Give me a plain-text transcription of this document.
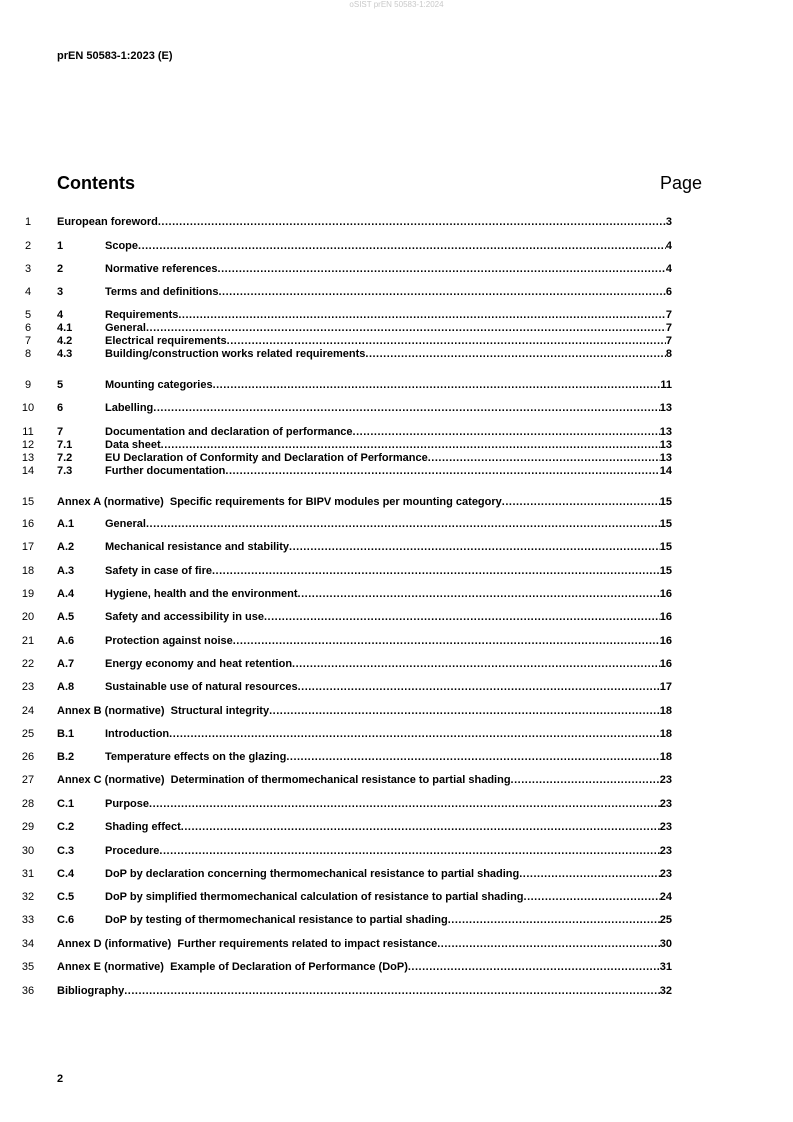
oSIST prEN 50583-1:2024
prEN 50583-1:2023 (E)
Contents	Page
1	European foreword .....	3
2	1	Scope .....	4
3	2	Normative references .....	4
4	3	Terms and definitions .....	6
5	4	Requirements .....	7
6	4.1	General .....	7
7	4.2	Electrical requirements .....	7
8	4.3	Building/construction works related requirements .....	8
9	5	Mounting categories .....	11
10	6	Labelling .....	13
11	7	Documentation and declaration of performance .....	13
12	7.1	Data sheet .....	13
13	7.2	EU Declaration of Conformity and Declaration of Performance .....	13
14	7.3	Further documentation .....	14
15	Annex A (normative)  Specific requirements for BIPV modules per mounting category .....	15
16	A.1	General .....	15
17	A.2	Mechanical resistance and stability .....	15
18	A.3	Safety in case of fire .....	15
19	A.4	Hygiene, health and the environment .....	16
20	A.5	Safety and accessibility in use .....	16
21	A.6	Protection against noise .....	16
22	A.7	Energy economy and heat retention .....	16
23	A.8	Sustainable use of natural resources .....	17
24	Annex B (normative)  Structural integrity .....	18
25	B.1	Introduction .....	18
26	B.2	Temperature effects on the glazing .....	18
27	Annex C (normative)  Determination of thermomechanical resistance to partial shading .....	23
28	C.1	Purpose .....	23
29	C.2	Shading effect .....	23
30	C.3	Procedure .....	23
31	C.4	DoP by declaration concerning thermomechanical resistance to partial shading .....	23
32	C.5	DoP by simplified thermomechanical calculation of resistance to partial shading .....	24
33	C.6	DoP by testing of thermomechanical resistance to partial shading .....	25
34	Annex D (informative)  Further requirements related to impact resistance .....	30
35	Annex E (normative)  Example of Declaration of Performance (DoP) .....	31
36	Bibliography .....	32
2
